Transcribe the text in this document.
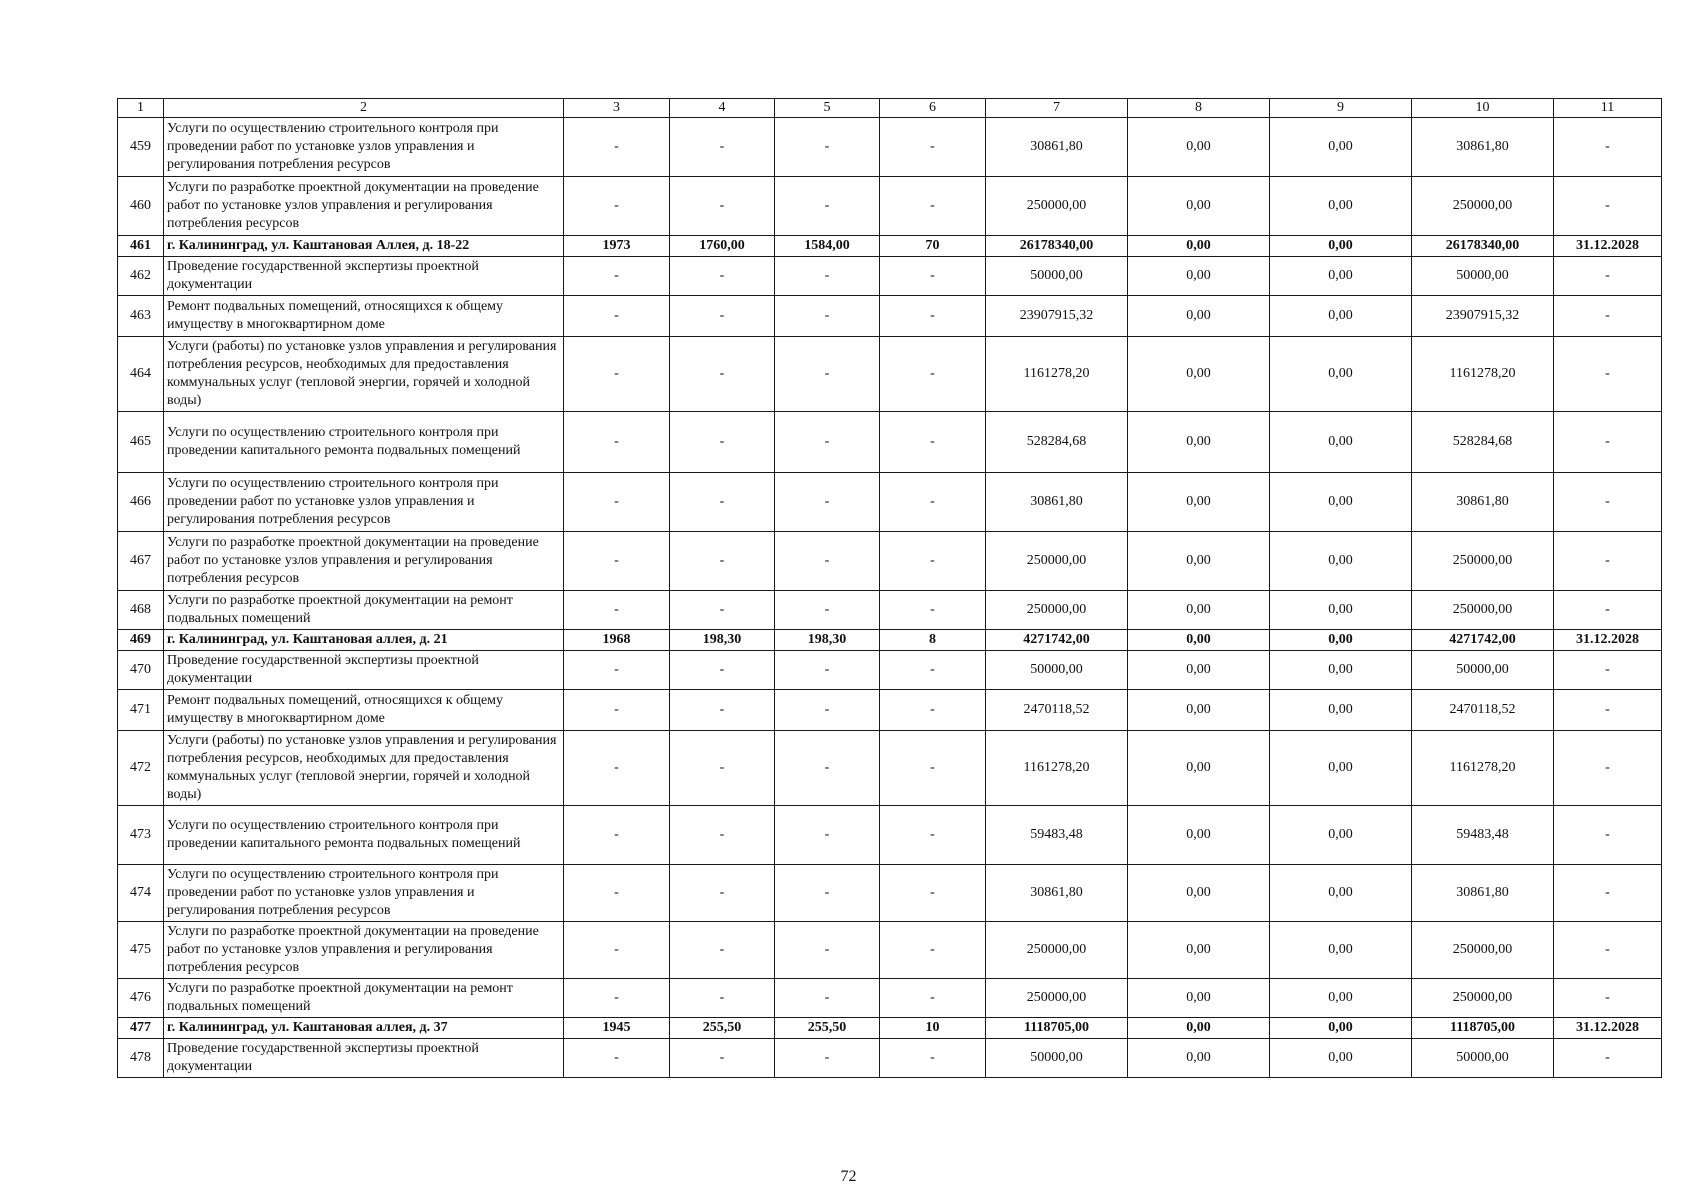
1	2	3	4	5	6	7	8	9	10	11
459	Услуги по осуществлению строительного контроля при проведении работ по установке узлов управления и регулирования потребления ресурсов	-	-	-	-	30861,80	0,00	0,00	30861,80	-
460	Услуги по разработке проектной документации на проведение работ по установке узлов управления и регулирования потребления ресурсов	-	-	-	-	250000,00	0,00	0,00	250000,00	-
461	г. Калининград, ул. Каштановая Аллея, д. 18-22	1973	1760,00	1584,00	70	26178340,00	0,00	0,00	26178340,00	31.12.2028
462	Проведение государственной экспертизы проектной документации	-	-	-	-	50000,00	0,00	0,00	50000,00	-
463	Ремонт подвальных помещений, относящихся к общему имуществу в многоквартирном доме	-	-	-	-	23907915,32	0,00	0,00	23907915,32	-
464	Услуги (работы) по установке узлов управления и регулирования потребления ресурсов, необходимых для предоставления коммунальных услуг (тепловой энергии, горячей и холодной воды)	-	-	-	-	1161278,20	0,00	0,00	1161278,20	-
465	Услуги по осуществлению строительного контроля при проведении капитального ремонта подвальных помещений	-	-	-	-	528284,68	0,00	0,00	528284,68	-
466	Услуги по осуществлению строительного контроля при проведении работ по установке узлов управления и регулирования потребления ресурсов	-	-	-	-	30861,80	0,00	0,00	30861,80	-
467	Услуги по разработке проектной документации на проведение работ по установке узлов управления и регулирования потребления ресурсов	-	-	-	-	250000,00	0,00	0,00	250000,00	-
468	Услуги по разработке проектной документации на ремонт подвальных помещений	-	-	-	-	250000,00	0,00	0,00	250000,00	-
469	г. Калининград, ул. Каштановая аллея, д. 21	1968	198,30	198,30	8	4271742,00	0,00	0,00	4271742,00	31.12.2028
470	Проведение государственной экспертизы проектной документации	-	-	-	-	50000,00	0,00	0,00	50000,00	-
471	Ремонт подвальных помещений, относящихся к общему имуществу в многоквартирном доме	-	-	-	-	2470118,52	0,00	0,00	2470118,52	-
472	Услуги (работы) по установке узлов управления и регулирования потребления ресурсов, необходимых для предоставления коммунальных услуг (тепловой энергии, горячей и холодной воды)	-	-	-	-	1161278,20	0,00	0,00	1161278,20	-
473	Услуги по осуществлению строительного контроля при проведении капитального ремонта подвальных помещений	-	-	-	-	59483,48	0,00	0,00	59483,48	-
474	Услуги по осуществлению строительного контроля при проведении работ по установке узлов управления и регулирования потребления ресурсов	-	-	-	-	30861,80	0,00	0,00	30861,80	-
475	Услуги по разработке проектной документации на проведение работ по установке узлов управления и регулирования потребления ресурсов	-	-	-	-	250000,00	0,00	0,00	250000,00	-
476	Услуги по разработке проектной документации на ремонт подвальных помещений	-	-	-	-	250000,00	0,00	0,00	250000,00	-
477	г. Калининград, ул. Каштановая аллея, д. 37	1945	255,50	255,50	10	1118705,00	0,00	0,00	1118705,00	31.12.2028
478	Проведение государственной экспертизы проектной документации	-	-	-	-	50000,00	0,00	0,00	50000,00	-
72
